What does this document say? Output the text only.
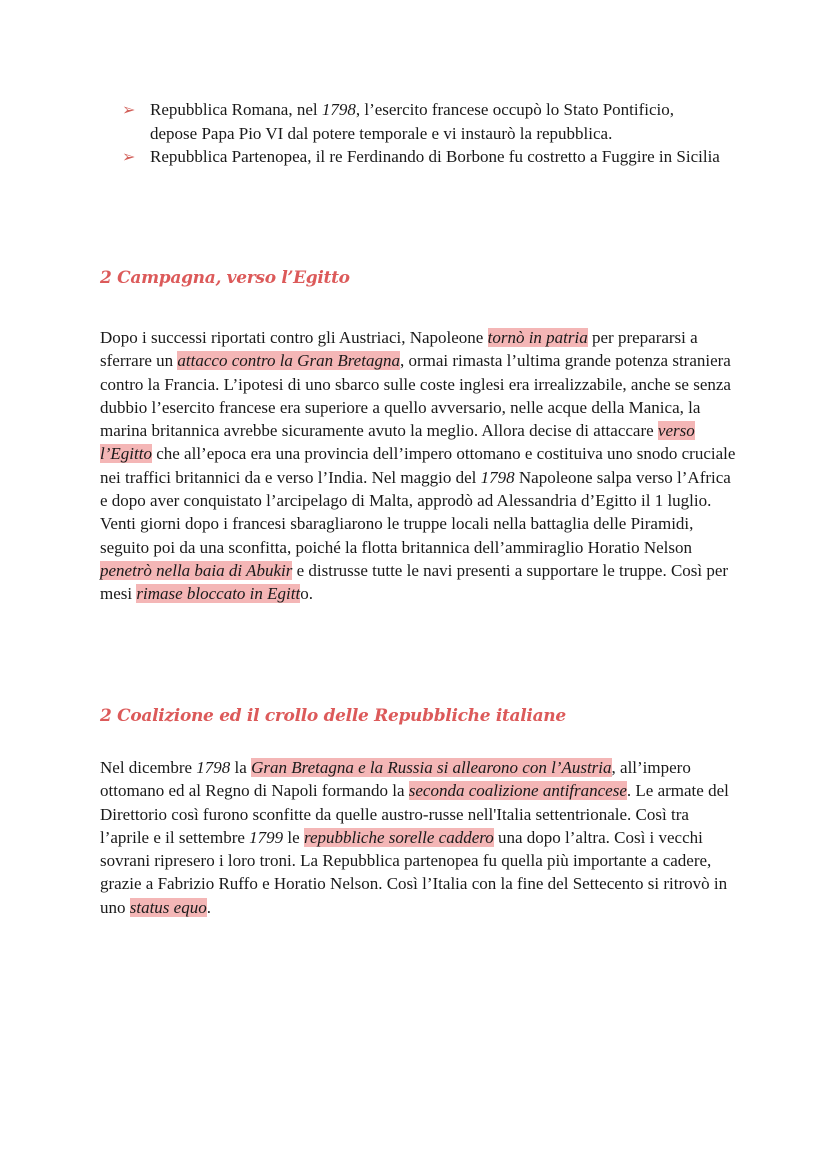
➢ Repubblica Romana, nel 1798, l’esercito francese occupò lo Stato Pontificio, depose Papa Pio VI dal potere temporale e vi instaurò la repubblica.
➢ Repubblica Partenopea, il re Ferdinando di Borbone fu costretto a Fuggire in Sicilia
2 Campagna, verso l’Egitto

Dopo i successi riportati contro gli Austriaci, Napoleone tornò in patria per prepararsi a sferrare un attacco contro la Gran Bretagna, ormai rimasta l’ultima grande potenza straniera contro la Francia. L’ipotesi di uno sbarco sulle coste inglesi era irrealizzabile, anche se senza dubbio l’esercito francese era superiore a quello avversario, nelle acque della Manica, la marina britannica avrebbe sicuramente avuto la meglio. Allora decise di attaccare verso l’Egitto che all’epoca era una provincia dell’impero ottomano e costituiva uno snodo cruciale nei traffici britannici da e verso l’India. Nel maggio del 1798 Napoleone salpa verso l’Africa e dopo aver conquistato l’arcipelago di Malta, approdò ad Alessandria d’Egitto il 1 luglio. Venti giorni dopo i francesi sbaragliarono le truppe locali nella battaglia delle Piramidi, seguito poi da una sconfitta, poiché la flotta britannica dell’ammiraglio Horatio Nelson penetrò nella baia di Abukir e distrusse tutte le navi presenti a supportare le truppe. Così per mesi rimase bloccato in Egitto.

2 Coalizione ed il crollo delle Repubbliche italiane

Nel dicembre 1798 la Gran Bretagna e la Russia si allearono con l’Austria, all’impero ottomano ed al Regno di Napoli formando la seconda coalizione antifrancese. Le armate del Direttorio così furono sconfitte da quelle austro-russe nell'Italia settentrionale. Così tra l’aprile e il settembre 1799 le repubbliche sorelle caddero una dopo l’altra. Così i vecchi sovrani ripresero i loro troni. La Repubblica partenopea fu quella più importante a cadere, grazie a Fabrizio Ruffo e Horatio Nelson. Così l’Italia con la fine del Settecento si ritrovò in uno status equo.
